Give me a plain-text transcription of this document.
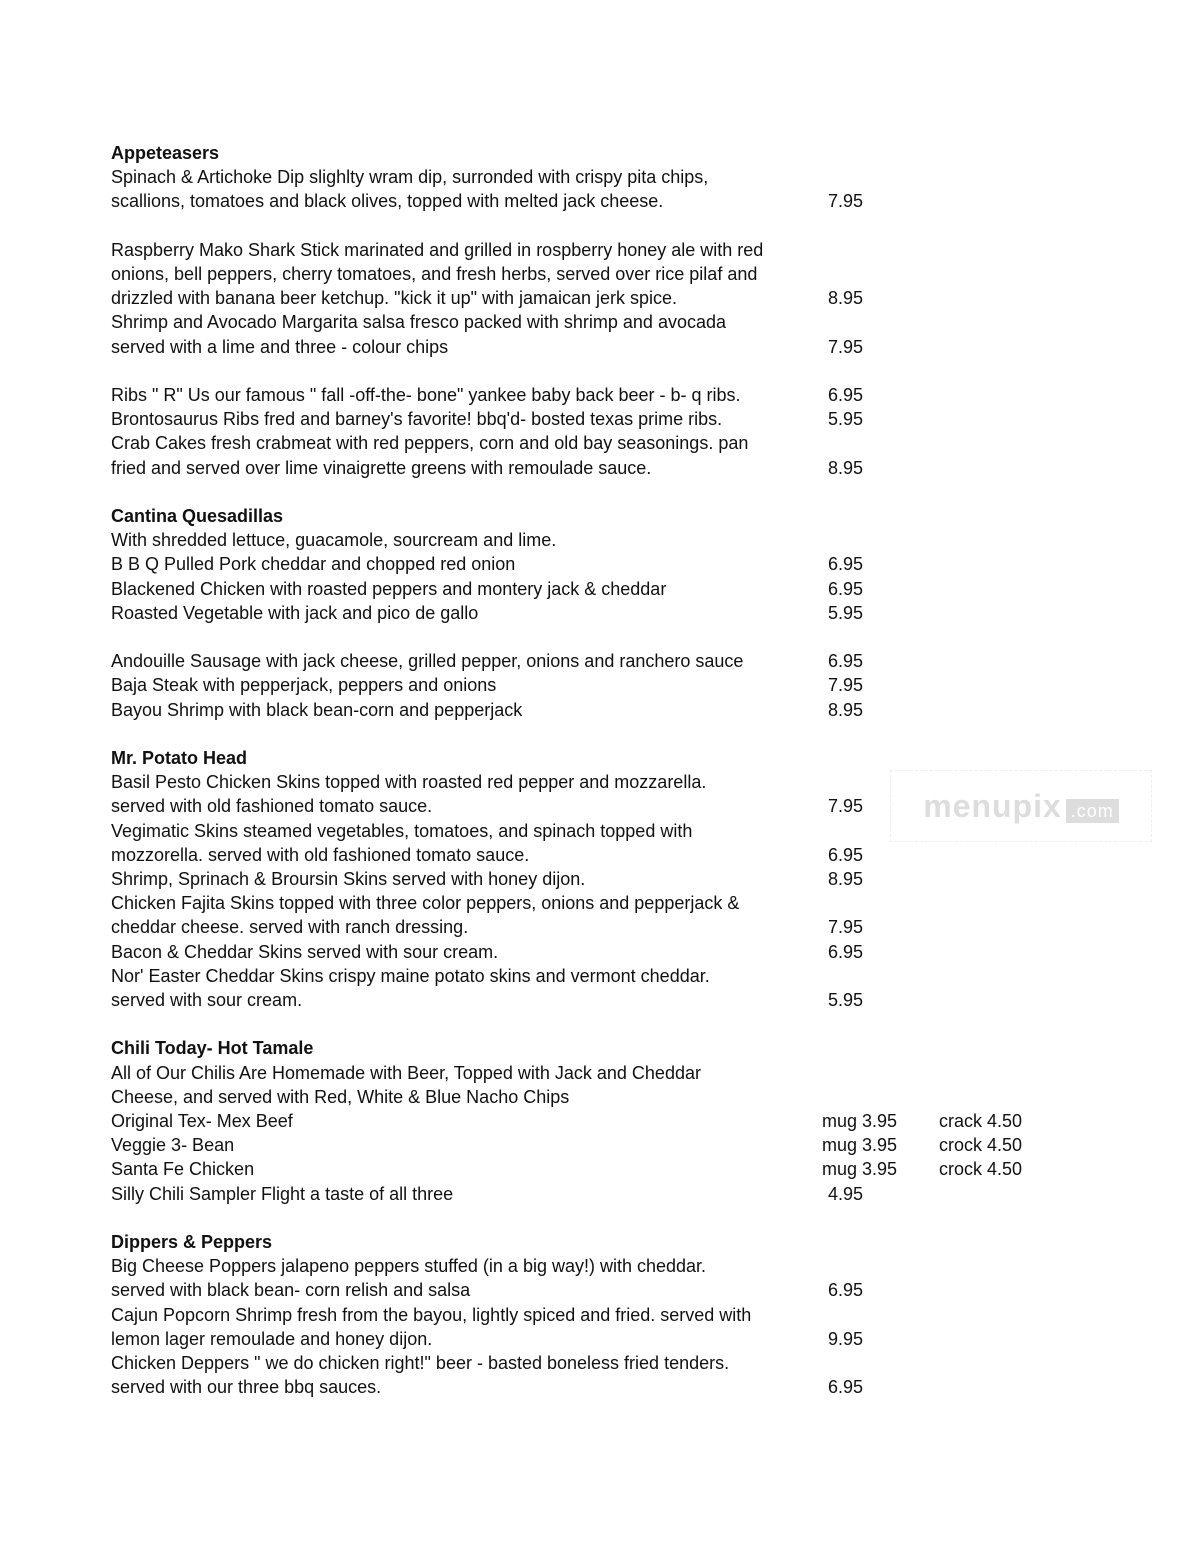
menupix .com
Appeteasers
Spinach & Artichoke Dip slighlty wram dip, surronded with crispy pita chips,
scallions, tomatoes and black olives, topped with melted jack cheese.	7.95
Raspberry Mako Shark Stick marinated and grilled in rospberry honey ale with red
onions, bell peppers, cherry tomatoes, and fresh herbs, served over rice pilaf and
drizzled with banana beer ketchup. "kick it up" with jamaican jerk spice.	8.95
Shrimp and Avocado Margarita salsa fresco packed with shrimp and avocada
served with a lime and three - colour chips	7.95
Ribs " R" Us our famous " fall -off-the- bone" yankee baby back beer - b- q ribs.	6.95
Brontosaurus Ribs fred and barney's favorite! bbq'd- bosted texas prime ribs.	5.95
Crab Cakes fresh crabmeat with red peppers, corn and old bay seasonings. pan
fried and served over lime vinaigrette greens with remoulade sauce.	8.95
Cantina Quesadillas
With shredded lettuce, guacamole, sourcream and lime.
B B Q Pulled Pork cheddar and chopped red onion	6.95
Blackened Chicken with roasted peppers and montery jack & cheddar	6.95
Roasted Vegetable with jack and pico de gallo	5.95
Andouille Sausage with jack cheese, grilled pepper, onions and ranchero sauce	6.95
Baja Steak with pepperjack, peppers and onions	7.95
Bayou Shrimp with black bean-corn and pepperjack	8.95
Mr. Potato Head
Basil Pesto Chicken Skins topped with roasted red pepper and mozzarella.
served with old fashioned tomato sauce.	7.95
Vegimatic Skins steamed vegetables, tomatoes, and spinach topped with
mozzorella. served with old fashioned tomato sauce.	6.95
Shrimp, Sprinach & Broursin Skins served with honey dijon.	8.95
Chicken Fajita Skins topped with three color peppers, onions and pepperjack &
cheddar cheese. served with ranch dressing.	7.95
Bacon & Cheddar Skins served with sour cream.	6.95
Nor' Easter Cheddar Skins crispy maine potato skins and vermont cheddar.
served with sour cream.	5.95
Chili Today- Hot Tamale
All of Our Chilis Are Homemade with Beer, Topped with Jack and Cheddar
Cheese, and served with Red, White & Blue Nacho Chips
Original Tex- Mex Beef	mug 3.95 crack 4.50
Veggie 3- Bean	mug 3.95 crock 4.50
Santa Fe Chicken	mug 3.95 crock 4.50
Silly Chili Sampler Flight a taste of all three	4.95
Dippers & Peppers
Big Cheese Poppers jalapeno peppers stuffed (in a big way!) with cheddar.
served with black bean- corn relish and salsa	6.95
Cajun Popcorn Shrimp fresh from the bayou, lightly spiced and fried. served with
lemon lager remoulade and honey dijon.	9.95
Chicken Deppers " we do chicken right!" beer - basted boneless fried tenders.
served with our three bbq sauces.	6.95
